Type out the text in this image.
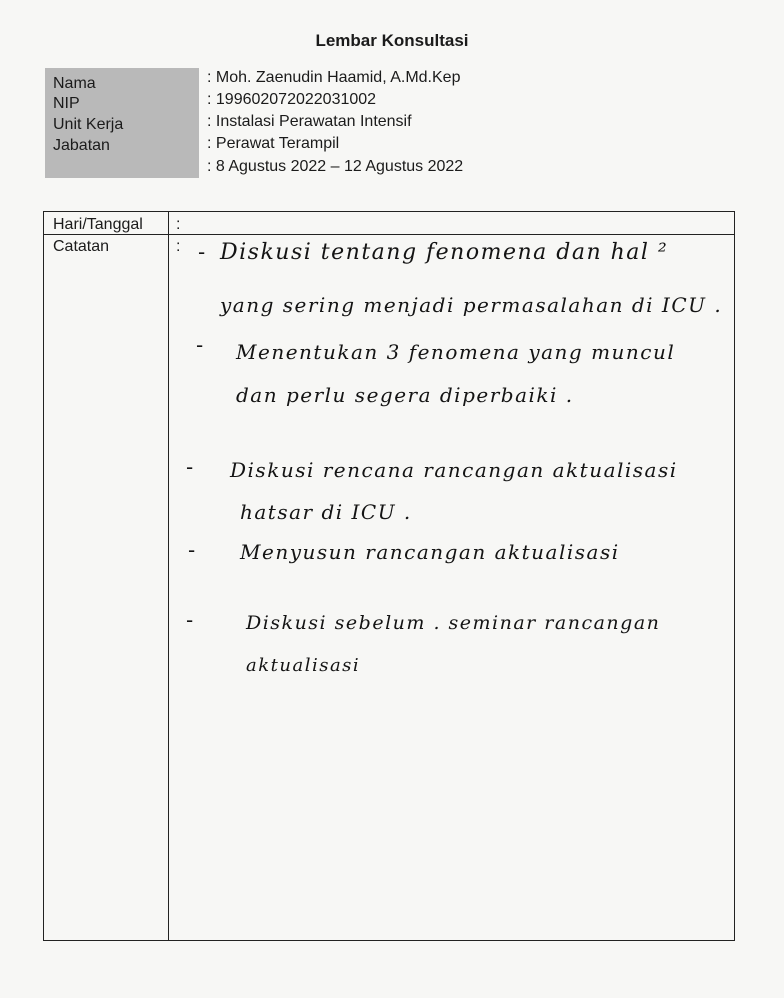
Lembar Konsultasi
Nama
NIP
Unit Kerja
Jabatan
: Moh. Zaenudin Haamid, A.Md.Kep
: 199602072022031002
: Instalasi Perawatan Intensif
: Perawat Terampil
: 8 Agustus 2022 – 12 Agustus 2022
Hari/Tanggal :
Catatan	: - Diskusi tentang fenomena dan hal ²
yang sering menjadi permasalahan di ICU .
- Menentukan 3 fenomena yang muncul
dan perlu segera diperbaiki .
- Diskusi rencana rancangan aktualisasi
hatsar di ICU .
- Menyusun rancangan aktualisasi
-	Diskusi sebelum . seminar rancangan
aktualisasi
